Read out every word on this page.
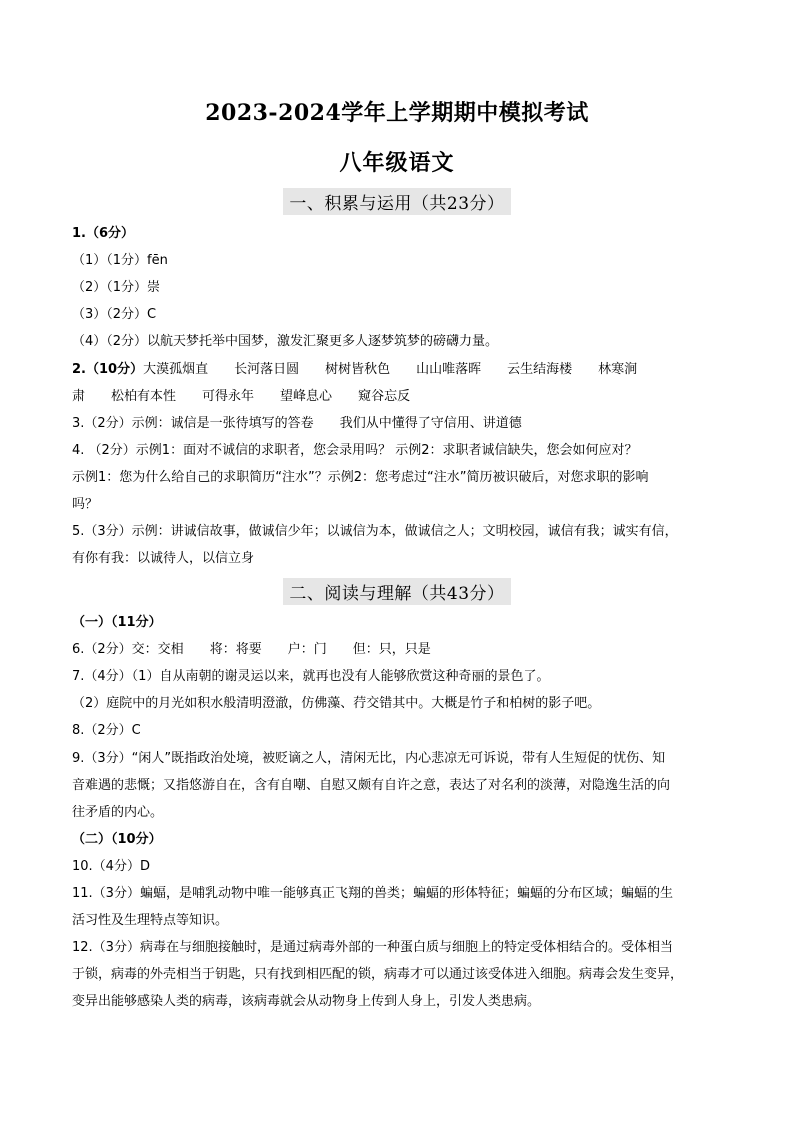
2023-2024学年上学期期中模拟考试
八年级语文
一、积累与运用（共23分）
1.（6分）
（1）（1分）fēn
（2）（1分）崇
（3）（2分）C
（4）（2分）以航天梦托举中国梦，激发汇聚更多人逐梦筑梦的磅礴力量。
2.（10分）大漠孤烟直 长河落日圆 树树皆秋色 山山唯落晖 云生结海楼 林寒涧
肃 松柏有本性 可得永年 望峰息心 窥谷忘反
3.（2分）示例：诚信是一张待填写的答卷 我们从中懂得了守信用、讲道德
4. （2分）示例1：面对不诚信的求职者，您会录用吗？ 示例2：求职者诚信缺失，您会如何应对？
示例1：您为什么给自己的求职简历“注水”？示例2：您考虑过“注水”简历被识破后，对您求职的影响
吗？
5.（3分）示例：讲诚信故事，做诚信少年；以诚信为本，做诚信之人；文明校园，诚信有我；诚实有信，
有你有我：以诚待人，以信立身
二、阅读与理解（共43分）
（一）（11分）
6.（2分）交：交相 将：将要 户：门 但：只，只是
7.（4分）（1）自从南朝的谢灵运以来，就再也没有人能够欣赏这种奇丽的景色了。
（2）庭院中的月光如积水般清明澄澈，仿佛藻、荇交错其中。大概是竹子和柏树的影子吧。
8.（2分）C
9.（3分）“闲人”既指政治处境，被贬谪之人，清闲无比，内心悲凉无可诉说，带有人生短促的忧伤、知
音难遇的悲慨；又指悠游自在，含有自嘲、自慰又颇有自许之意，表达了对名利的淡薄，对隐逸生活的向
往矛盾的内心。
（二）（10分）
10.（4分）D
11.（3分）蝙蝠，是哺乳动物中唯一能够真正飞翔的兽类；蝙蝠的形体特征；蝙蝠的分布区域；蝙蝠的生
活习性及生理特点等知识。
12.（3分）病毒在与细胞接触时，是通过病毒外部的一种蛋白质与细胞上的特定受体相结合的。受体相当
于锁，病毒的外壳相当于钥匙，只有找到相匹配的锁，病毒才可以通过该受体进入细胞。病毒会发生变异，
变异出能够感染人类的病毒，该病毒就会从动物身上传到人身上，引发人类患病。
